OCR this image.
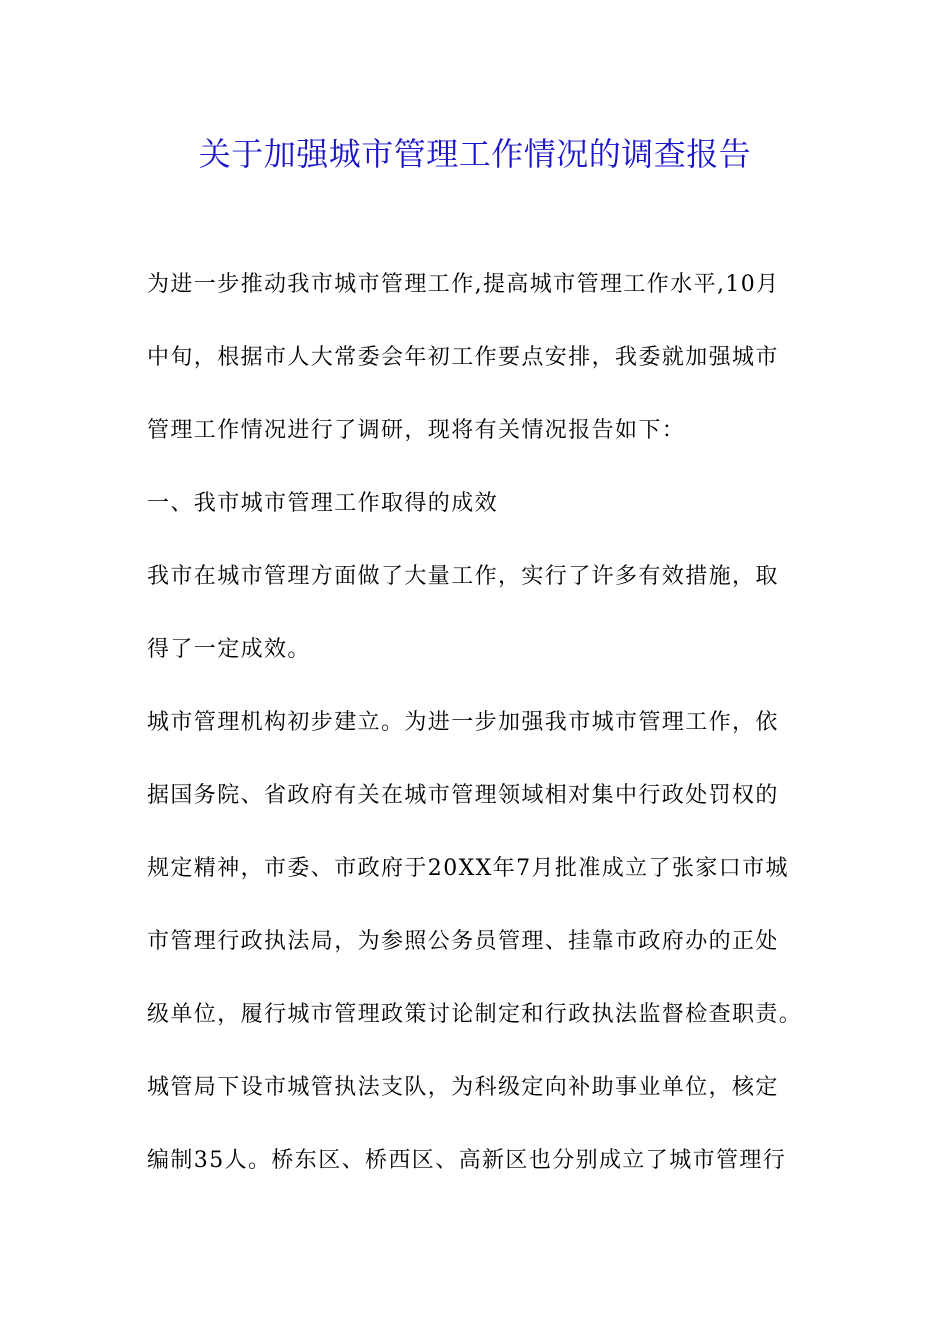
关于加强城市管理工作情况的调查报告
为进一步推动我市城市管理工作,提高城市管理工作水平,10月
中旬，根据市人大常委会年初工作要点安排，我委就加强城市
管理工作情况进行了调研，现将有关情况报告如下：
一、我市城市管理工作取得的成效
我市在城市管理方面做了大量工作，实行了许多有效措施，取
得了一定成效。
城市管理机构初步建立。为进一步加强我市城市管理工作，依
据国务院、省政府有关在城市管理领域相对集中行政处罚权的
规定精神，市委、市政府于20XX年7月批准成立了张家口市城
市管理行政执法局，为参照公务员管理、挂靠市政府办的正处
级单位，履行城市管理政策讨论制定和行政执法监督检查职责。
城管局下设市城管执法支队，为科级定向补助事业单位，核定
编制35人。桥东区、桥西区、高新区也分别成立了城市管理行
